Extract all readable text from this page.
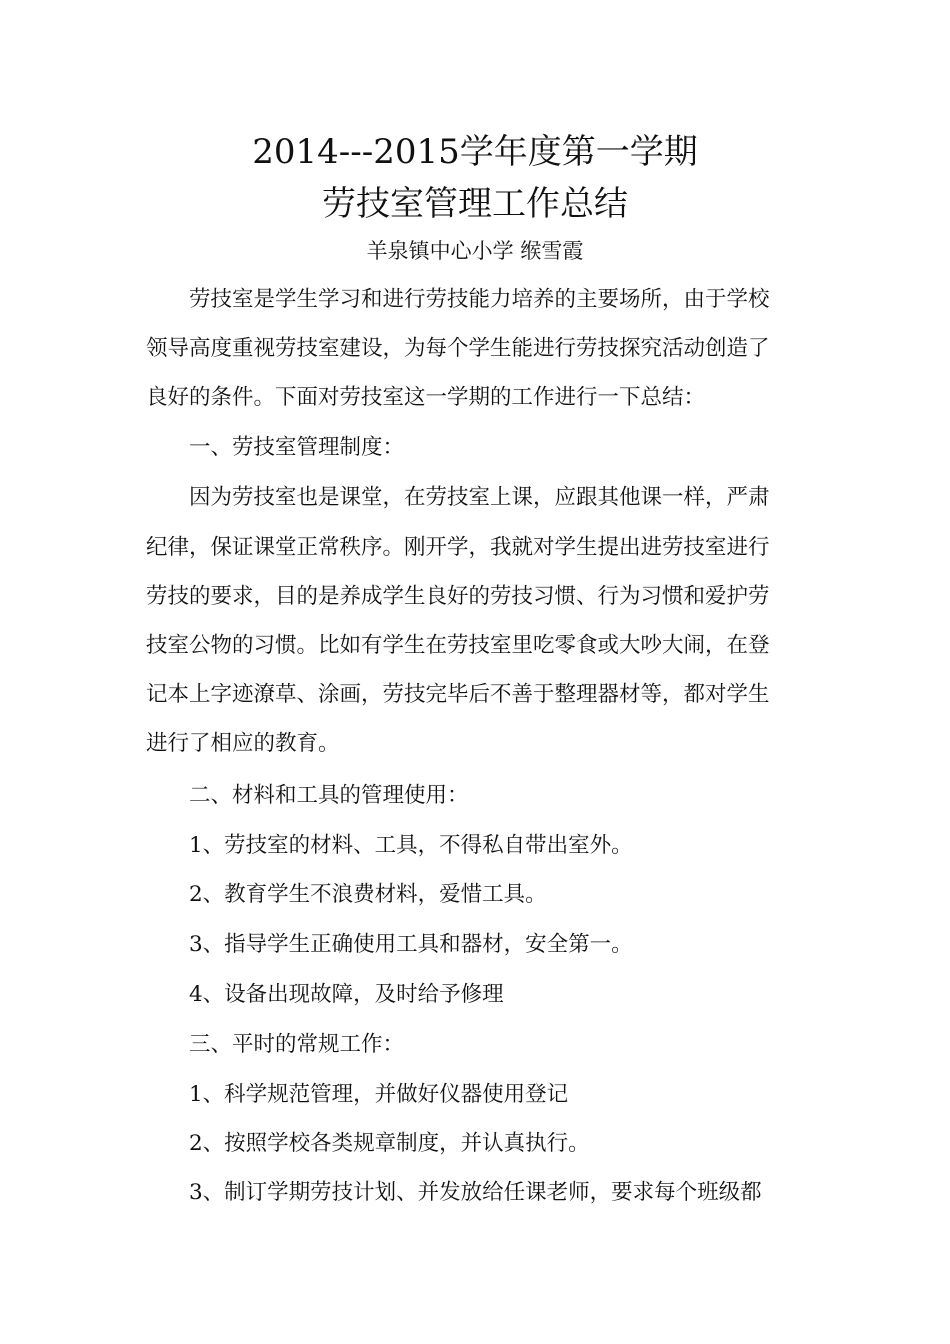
2014---2015学年度第一学期
劳技室管理工作总结
羊泉镇中心小学 缑雪霞
劳技室是学生学习和进行劳技能力培养的主要场所，由于学校
领导高度重视劳技室建设，为每个学生能进行劳技探究活动创造了
良好的条件。下面对劳技室这一学期的工作进行一下总结：
一、劳技室管理制度：
因为劳技室也是课堂，在劳技室上课，应跟其他课一样，严肃
纪律，保证课堂正常秩序。刚开学，我就对学生提出进劳技室进行
劳技的要求，目的是养成学生良好的劳技习惯、行为习惯和爱护劳
技室公物的习惯。比如有学生在劳技室里吃零食或大吵大闹，在登
记本上字迹潦草、涂画，劳技完毕后不善于整理器材等，都对学生
进行了相应的教育。
二、材料和工具的管理使用：
1、劳技室的材料、工具，不得私自带出室外。
2、教育学生不浪费材料，爱惜工具。
3、指导学生正确使用工具和器材，安全第一。
4、设备出现故障，及时给予修理
三、平时的常规工作：
1、科学规范管理，并做好仪器使用登记
2、按照学校各类规章制度，并认真执行。
3、制订学期劳技计划、并发放给任课老师，要求每个班级都
